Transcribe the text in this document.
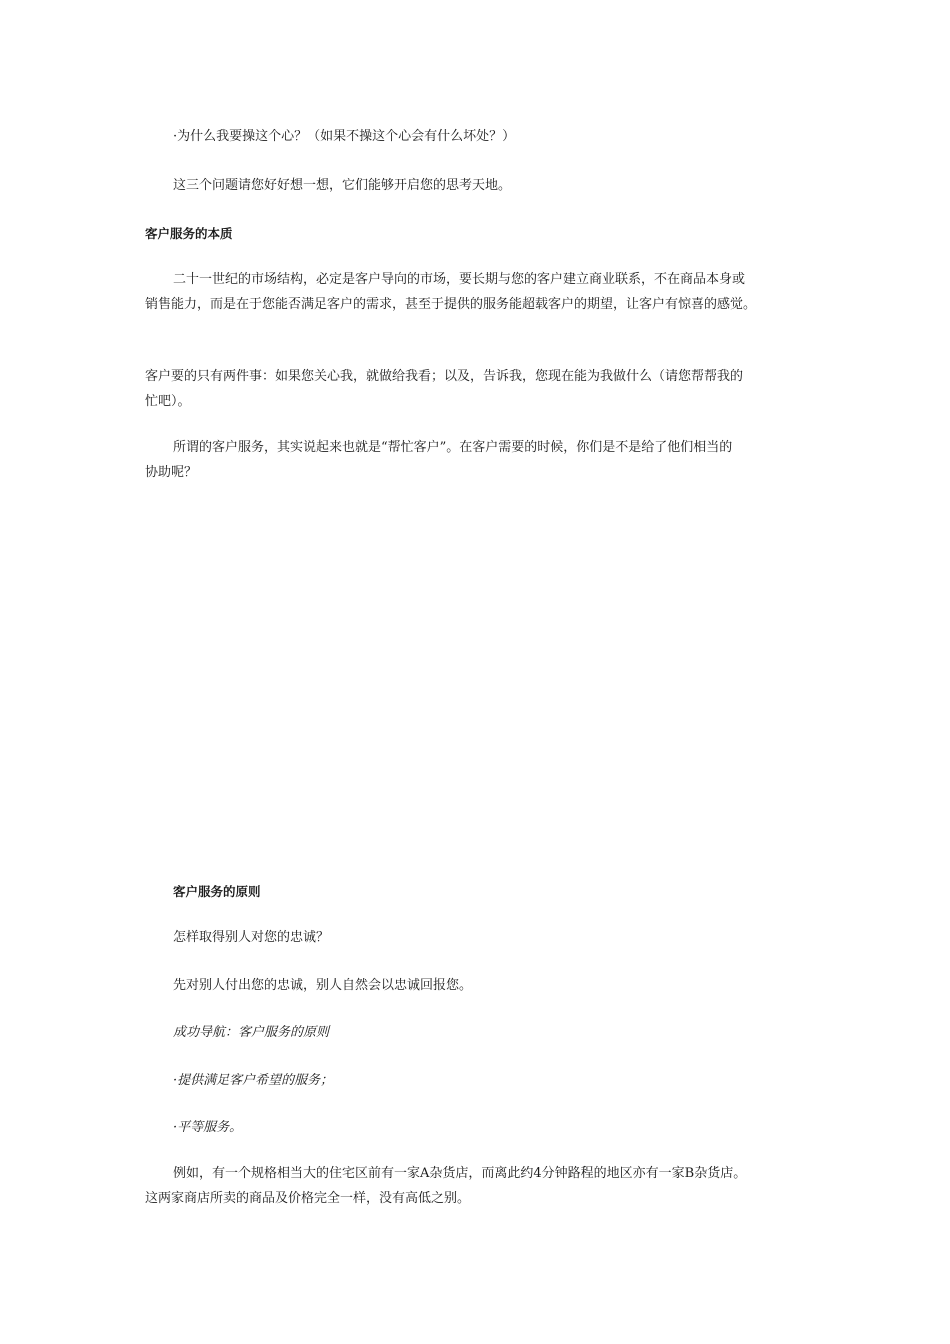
·为什么我要操这个心？（如果不操这个心会有什么坏处？）
这三个问题请您好好想一想，它们能够开启您的思考天地。
客户服务的本质
二十一世纪的市场结构，必定是客户导向的市场，要长期与您的客户建立商业联系，不在商品本身或
销售能力，而是在于您能否满足客户的需求，甚至于提供的服务能超载客户的期望，让客户有惊喜的感觉。
客户要的只有两件事：如果您关心我，就做给我看；以及，告诉我，您现在能为我做什么（请您帮帮我的
忙吧）。
所谓的客户服务，其实说起来也就是“帮忙客户”。在客户需要的时候，你们是不是给了他们相当的
协助呢？
客户服务的原则
怎样取得别人对您的忠诚？
先对别人付出您的忠诚，别人自然会以忠诚回报您。
成功导航：客户服务的原则
·提供满足客户希望的服务；
·平等服务。
例如，有一个规格相当大的住宅区前有一家A杂货店，而离此约4分钟路程的地区亦有一家B杂货店。
这两家商店所卖的商品及价格完全一样，没有高低之别。
